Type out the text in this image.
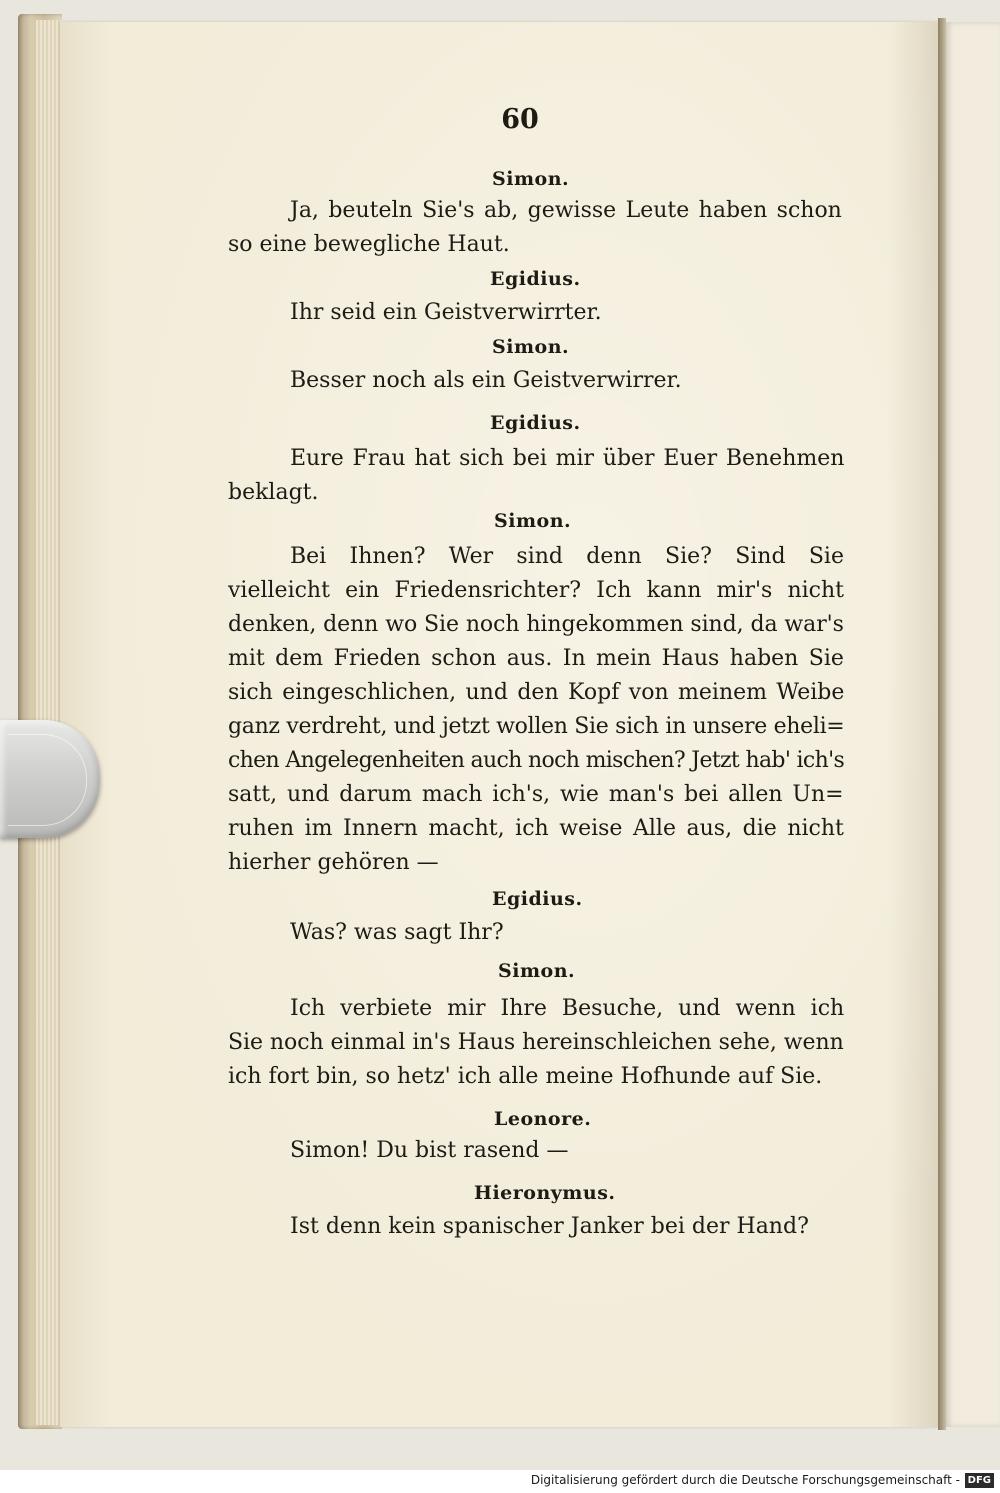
60
Simon.
Ja, beuteln Sie's ab, gewisse Leute haben schon
so eine bewegliche Haut.
Egidius.
Ihr seid ein Geistverwirrter.
Simon.
Besser noch als ein Geistverwirrer.
Egidius.
Eure Frau hat sich bei mir über Euer Benehmen
beklagt.
Simon.
Bei Ihnen? Wer sind denn Sie? Sind Sie
vielleicht ein Friedensrichter? Ich kann mir's nicht
denken, denn wo Sie noch hingekommen sind, da war's
mit dem Frieden schon aus. In mein Haus haben Sie
sich eingeschlichen, und den Kopf von meinem Weibe
ganz verdreht, und jetzt wollen Sie sich in unsere eheli=
chen Angelegenheiten auch noch mischen? Jetzt hab' ich's
satt, und darum mach ich's, wie man's bei allen Un=
ruhen im Innern macht, ich weise Alle aus, die nicht
hierher gehören —
Egidius.
Was? was sagt Ihr?
Simon.
Ich verbiete mir Ihre Besuche, und wenn ich
Sie noch einmal in's Haus hereinschleichen sehe, wenn
ich fort bin, so hetz' ich alle meine Hofhunde auf Sie.
Leonore.
Simon! Du bist rasend —
Hieronymus.
Ist denn kein spanischer Janker bei der Hand?
Digitalisierung gefördert durch die Deutsche Forschungsgemeinschaft - DFG
